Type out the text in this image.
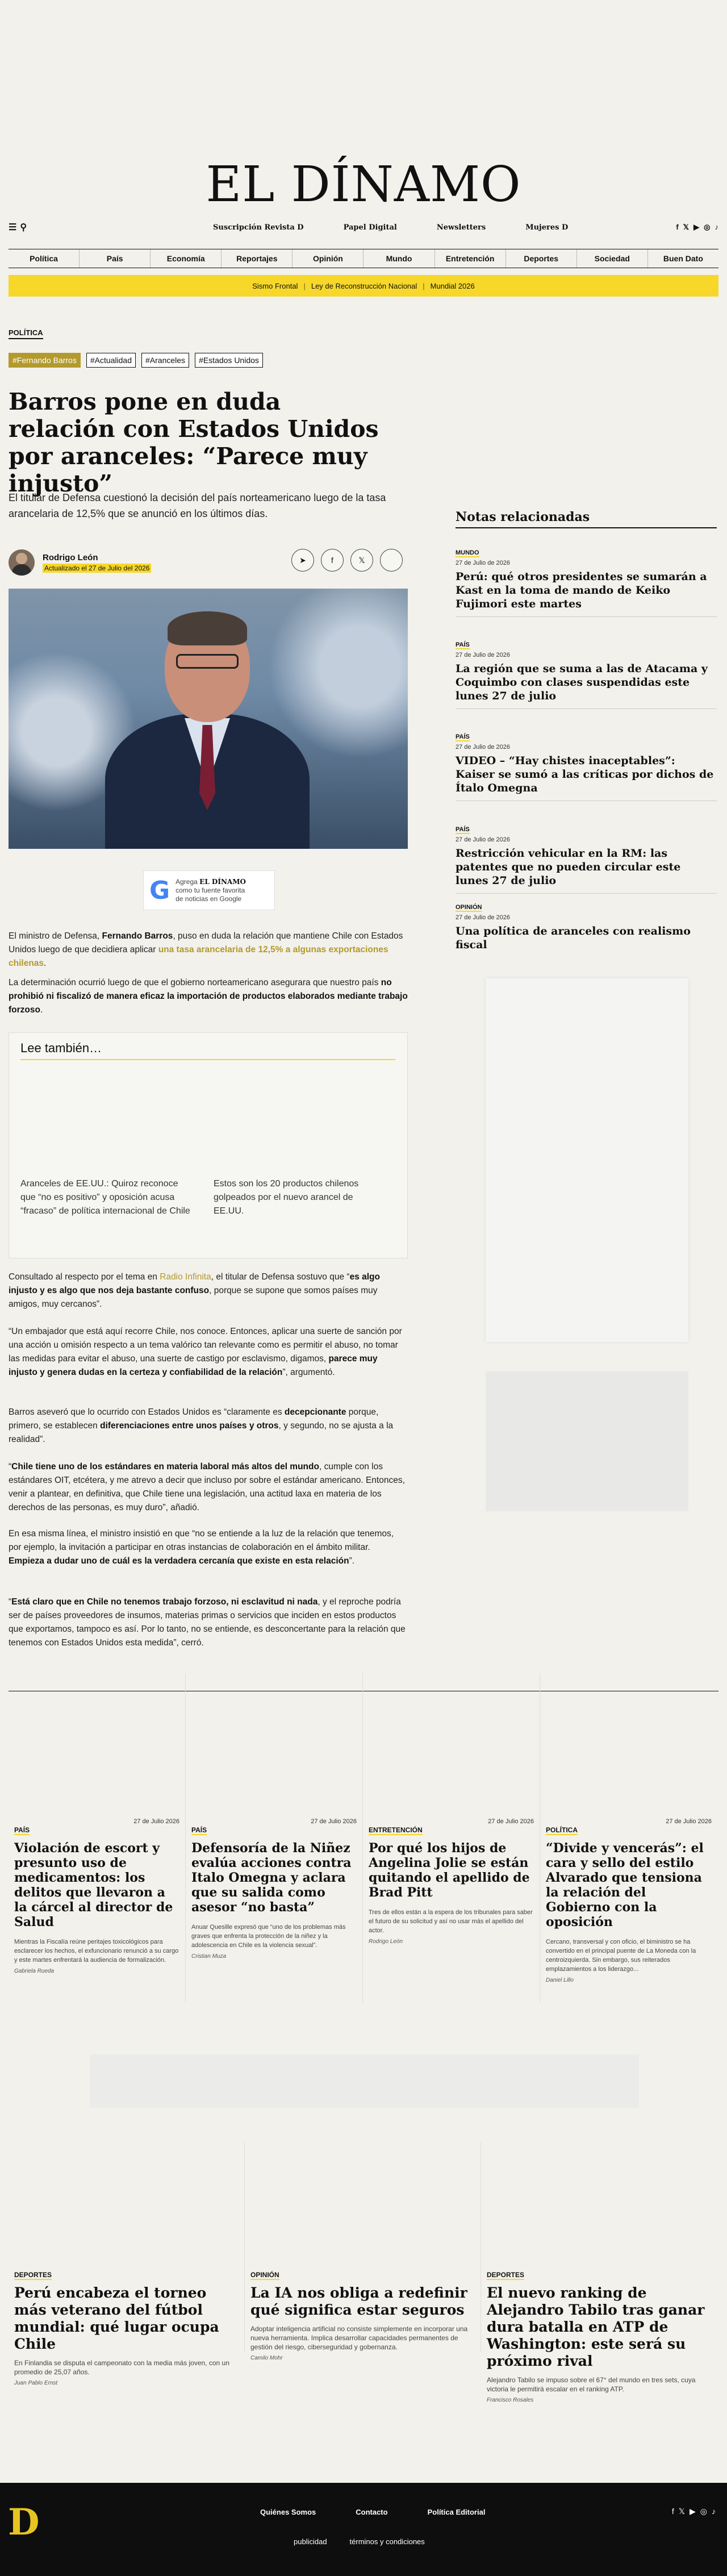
EL DÍNAMO
☰ ⚲	Suscripción Revista D	Papel Digital	Newsletters	Mujeres D	f 𝕏 ▶ ◎ ♪
Política	País	Economía	Reportajes	Opinión	Mundo	Entretención	Deportes	Sociedad	Buen Dato
Sismo Frontal | Ley de Reconstrucción Nacional | Mundial 2026
POLÍTICA
#Fernando Barros	#Actualidad	#Aranceles	#Estados Unidos
Barros pone en duda relación con Estados Unidos por aranceles: “Parece muy injusto”

El titular de Defensa cuestionó la decisión del país norteamericano luego de la tasa arancelaria de 12,5% que se anunció en los últimos días.

Rodrigo León
Actualizado el 27 de Julio del 2026
➤	f	𝕏
G Agrega EL DÍNAMO
como tu fuente favorita
de noticias en Google

El ministro de Defensa, Fernando Barros, puso en duda la relación que mantiene Chile con Estados Unidos luego de que decidiera aplicar una tasa arancelaria de 12,5% a algunas exportaciones chilenas.

La determinación ocurrió luego de que el gobierno norteamericano asegurara que nuestro país no prohibió ni fiscalizó de manera eficaz la importación de productos elaborados mediante trabajo forzoso.

Lee también…
Aranceles de EE.UU.: Quiroz reconoce que “no es positivo” y oposición acusa “fracaso” de política internacional de Chile
Estos son los 20 productos chilenos golpeados por el nuevo arancel de EE.UU.

Consultado al respecto por el tema en Radio Infinita, el titular de Defensa sostuvo que “es algo injusto y es algo que nos deja bastante confuso, porque se supone que somos países muy amigos, muy cercanos”.

“Un embajador que está aquí recorre Chile, nos conoce. Entonces, aplicar una suerte de sanción por una acción u omisión respecto a un tema valórico tan relevante como es permitir el abuso, no tomar las medidas para evitar el abuso, una suerte de castigo por esclavismo, digamos, parece muy injusto y genera dudas en la certeza y confiabilidad de la relación”, argumentó.

Barros aseveró que lo ocurrido con Estados Unidos es “claramente es decepcionante porque, primero, se establecen diferenciaciones entre unos países y otros, y segundo, no se ajusta a la realidad”.

“Chile tiene uno de los estándares en materia laboral más altos del mundo, cumple con los estándares OIT, etcétera, y me atrevo a decir que incluso por sobre el estándar americano. Entonces, venir a plantear, en definitiva, que Chile tiene una legislación, una actitud laxa en materia de los derechos de las personas, es muy duro”, añadió.

En esa misma línea, el ministro insistió en que “no se entiende a la luz de la relación que tenemos, por ejemplo, la invitación a participar en otras instancias de colaboración en el ámbito militar. Empieza a dudar uno de cuál es la verdadera cercanía que existe en esta relación”.

“Está claro que en Chile no tenemos trabajo forzoso, ni esclavitud ni nada, y el reproche podría ser de países proveedores de insumos, materias primas o servicios que inciden en estos productos que exportamos, tampoco es así. Por lo tanto, no se entiende, es desconcertante para la relación que tenemos con Estados Unidos esta medida”, cerró.

Notas relacionadas
MUNDO
27 de Julio de 2026
Perú: qué otros presidentes se sumarán a Kast en la toma de mando de Keiko Fujimori este martes
PAÍS
27 de Julio de 2026
La región que se suma a las de Atacama y Coquimbo con clases suspendidas este lunes 27 de julio
PAÍS
27 de Julio de 2026
VIDEO – “Hay chistes inaceptables”: Kaiser se sumó a las críticas por dichos de Ítalo Omegna
PAÍS
27 de Julio de 2026
Restricción vehicular en la RM: las patentes que no pueden circular este lunes 27 de julio
OPINIÓN
27 de Julio de 2026
Una política de aranceles con realismo fiscal
27 de Julio 2026
PAÍS
Violación de escort y presunto uso de medicamentos: los delitos que llevaron a la cárcel al director de Salud
Mientras la Fiscalía reúne peritajes toxicológicos para esclarecer los hechos, el exfuncionario renunció a su cargo y este martes enfrentará la audiencia de formalización.
Gabriela Rueda
27 de Julio 2026
PAÍS
Defensoría de la Niñez evalúa acciones contra Italo Omegna y aclara que su salida como asesor “no basta”
Anuar Quesille expresó que “uno de los problemas más graves que enfrenta la protección de la niñez y la adolescencia en Chile es la violencia sexual”.
Cristian Muza
27 de Julio 2026
ENTRETENCIÓN
Por qué los hijos de Angelina Jolie se están quitando el apellido de Brad Pitt
Tres de ellos están a la espera de los tribunales para saber el futuro de su solicitud y así no usar más el apellido del actor.
Rodrigo León
27 de Julio 2026
POLÍTICA
“Divide y vencerás”: el cara y sello del estilo Alvarado que tensiona la relación del Gobierno con la oposición
Cercano, transversal y con oficio, el biministro se ha convertido en el principal puente de La Moneda con la centroizquierda. Sin embargo, sus reiterados emplazamientos a los liderazgo...
Daniel Lillo
DEPORTES
Perú encabeza el torneo más veterano del fútbol mundial: qué lugar ocupa Chile
En Finlandia se disputa el campeonato con la media más joven, con un promedio de 25,07 años.
Juan Pablo Ernst
OPINIÓN
La IA nos obliga a redefinir qué significa estar seguros
Adoptar inteligencia artificial no consiste simplemente en incorporar una nueva herramienta. Implica desarrollar capacidades permanentes de gestión del riesgo, ciberseguridad y gobernanza.
Camilo Mohr
DEPORTES
El nuevo ranking de Alejandro Tabilo tras ganar dura batalla en ATP de Washington: este será su próximo rival
Alejandro Tabilo se impuso sobre el 67° del mundo en tres sets, cuya victoria le permitirá escalar en el ranking ATP.
Francisco Rosales
D	Quiénes Somos	Contacto	Política Editorial
publicidad	términos y condiciones
f 𝕏 ▶ ◎ ♪
